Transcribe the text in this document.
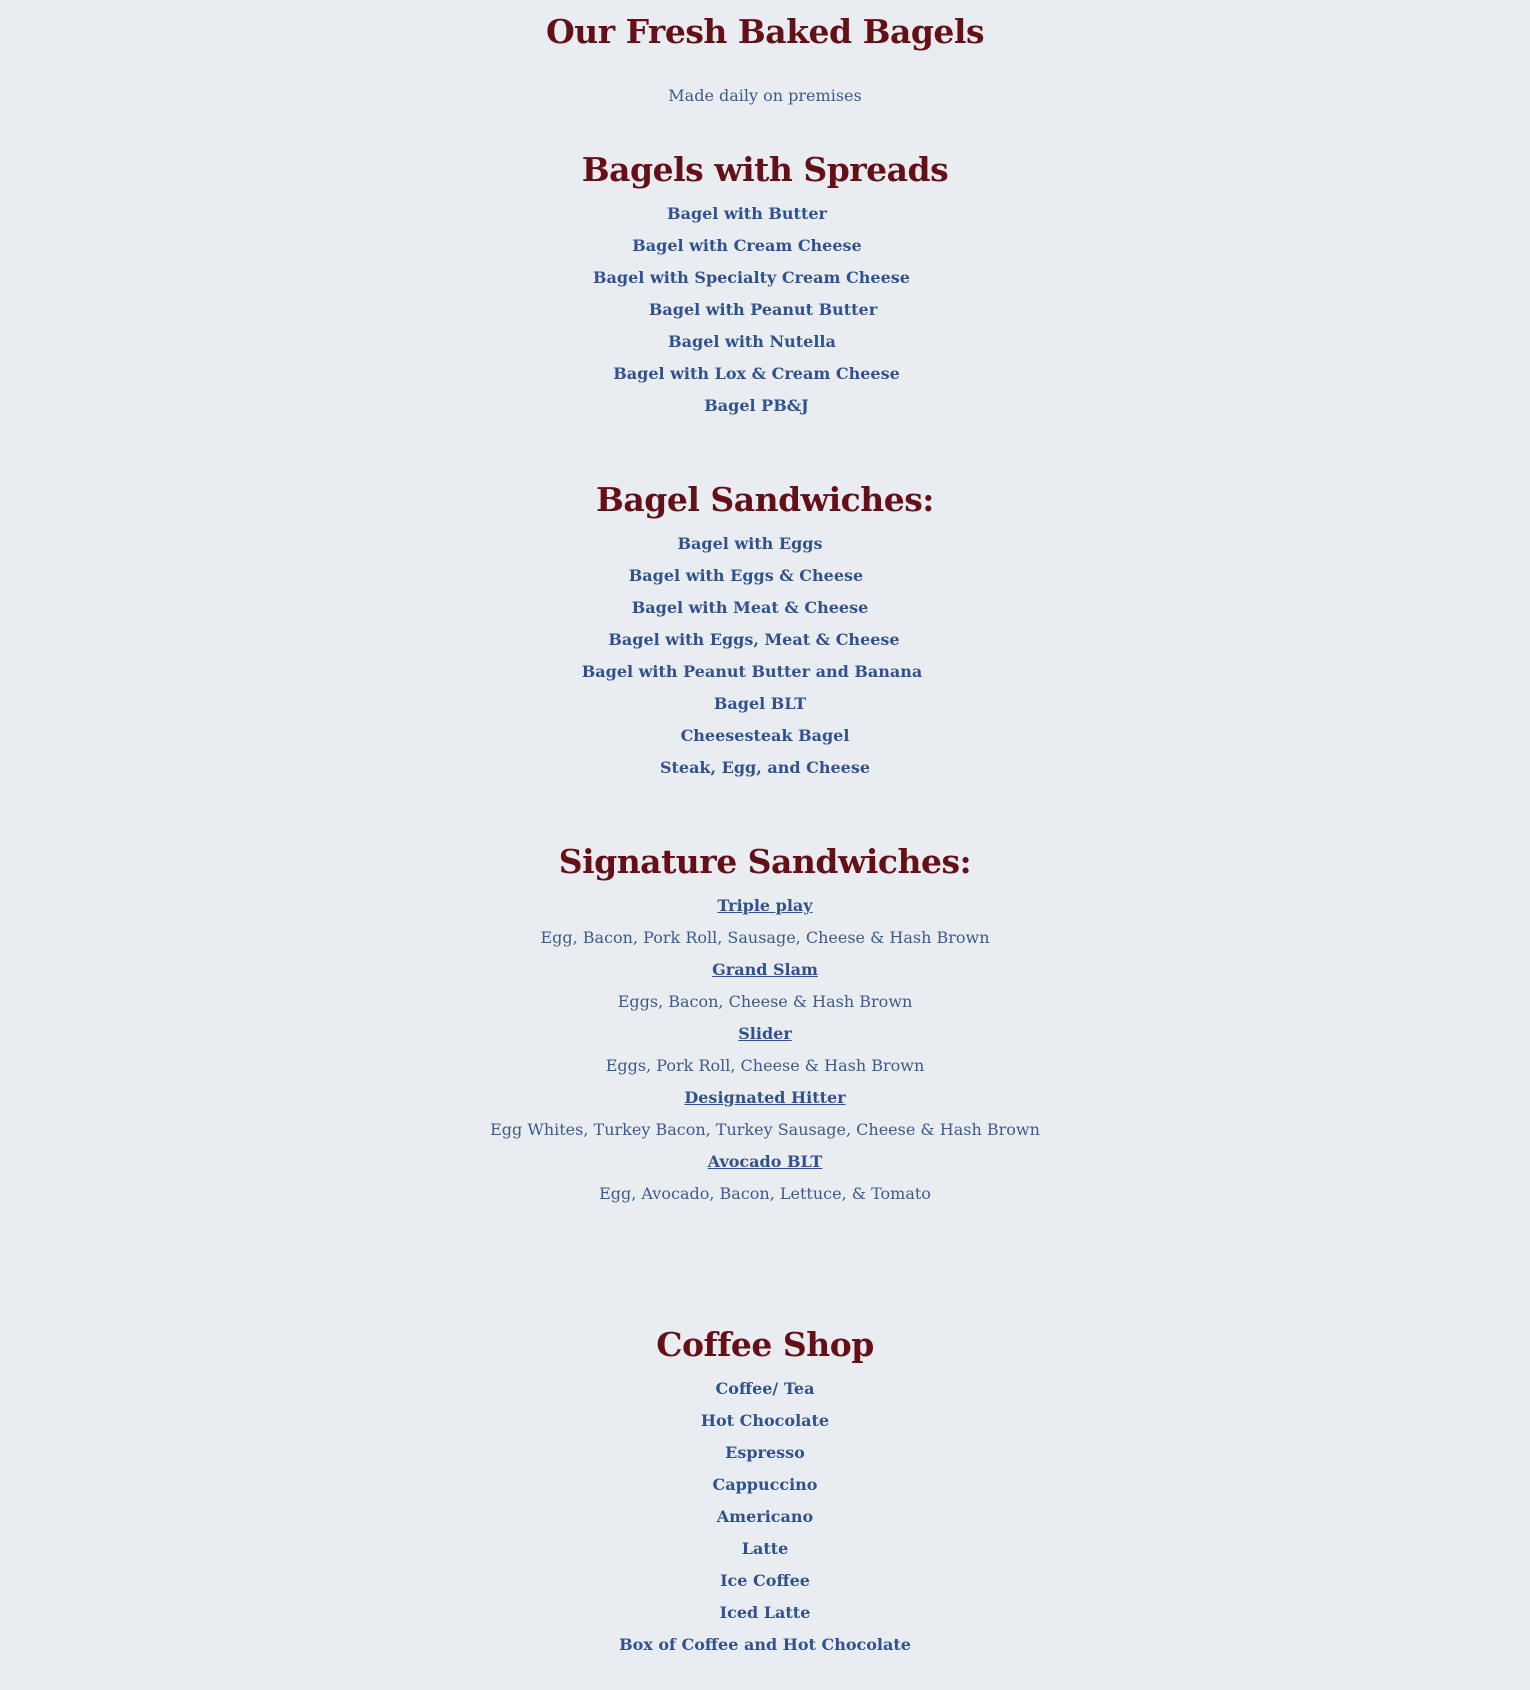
Our Fresh Baked Bagels
Made daily on premises
Bagels with Spreads
Bagel with Butter
Bagel with Cream Cheese
Bagel with Specialty Cream Cheese
Bagel with Peanut Butter
Bagel with Nutella
Bagel with Lox & Cream Cheese
Bagel PB&J
Bagel Sandwiches:
Bagel with Eggs
Bagel with Eggs & Cheese
Bagel with Meat & Cheese
Bagel with Eggs, Meat & Cheese
Bagel with Peanut Butter and Banana
Bagel BLT
Cheesesteak Bagel
Steak, Egg, and Cheese
Signature Sandwiches:
Triple play
Egg, Bacon, Pork Roll, Sausage, Cheese & Hash Brown
Grand Slam
Eggs, Bacon, Cheese & Hash Brown
Slider
Eggs, Pork Roll, Cheese & Hash Brown
Designated Hitter
Egg Whites, Turkey Bacon, Turkey Sausage, Cheese & Hash Brown
Avocado BLT
Egg, Avocado, Bacon, Lettuce, & Tomato
Coffee Shop
Coffee/ Tea
Hot Chocolate
Espresso
Cappuccino
Americano
Latte
Ice Coffee
Iced Latte
Box of Coffee and Hot Chocolate
